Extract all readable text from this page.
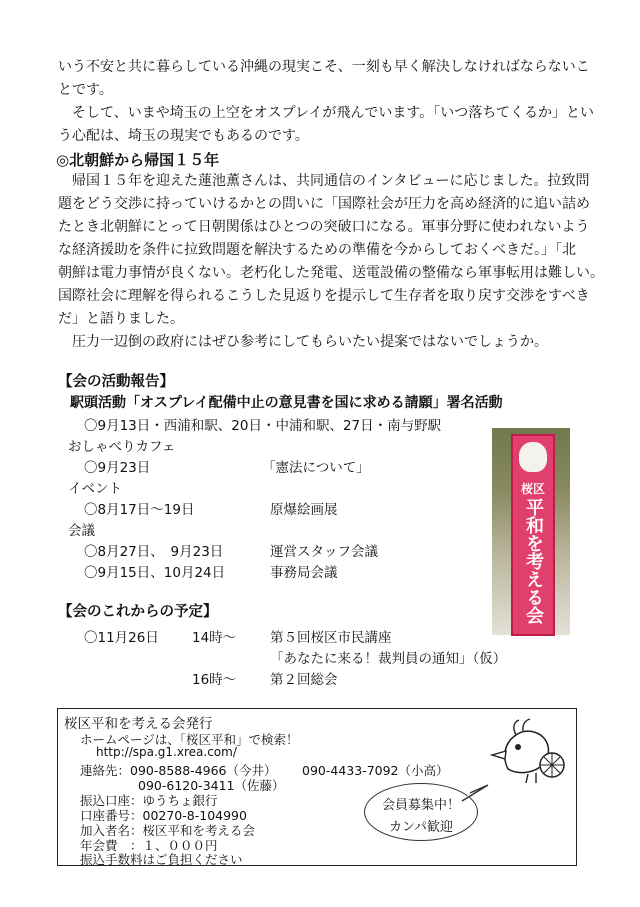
いう不安と共に暮らしている沖縄の現実こそ、一刻も早く解決しなければならないこ
とです。
　そして、いまや埼玉の上空をオスプレイが飛んでいます。「いつ落ちてくるか」とい
う心配は、埼玉の現実でもあるのです。
◎北朝鮮から帰国１５年
　帰国１５年を迎えた蓮池薫さんは、共同通信のインタビューに応じました。拉致問
題をどう交渉に持っていけるかとの問いに「国際社会が圧力を高め経済的に追い詰め
たとき北朝鮮にとって日朝関係はひとつの突破口になる。軍事分野に使われないよう
な経済援助を条件に拉致問題を解決するための準備を今からしておくべきだ。」「北
朝鮮は電力事情が良くない。老朽化した発電、送電設備の整備なら軍事転用は難しい。
国際社会に理解を得られるこうした見返りを提示して生存者を取り戻す交渉をすべき
だ」と語りました。
　圧力一辺倒の政府にはぜひ参考にしてもらいたい提案ではないでしょうか。
【会の活動報告】
駅頭活動「オスプレイ配備中止の意見書を国に求める請願」署名活動
〇9月13日・西浦和駅、20日・中浦和駅、27日・南与野駅
おしゃべりカフェ
〇9月23日	「憲法について」
イベント
〇8月17日〜19日	原爆絵画展
会議
〇8月27日、　9月23日	運営スタッフ会議
〇9月15日、10月24日	事務局会議
桜区
平和を考える会
【会のこれからの予定】
〇11月26日 14時〜	第５回桜区市民講座
「あなたに来る！裁判員の通知」（仮）
16時〜	第２回総会
桜区平和を考える会発行
ホームページは、「桜区平和」で検索！
http://spa.g1.xrea.com/
連絡先：090-8588-4966（今井） 090-4433-7092（小高）
090-6120-3411（佐藤）
振込口座：ゆうちょ銀行
口座番号：00270-8-104990
加入者名：桜区平和を考える会
年会費　：１、０００円
振込手数料はご負担ください
会員募集中！
カンパ歓迎
